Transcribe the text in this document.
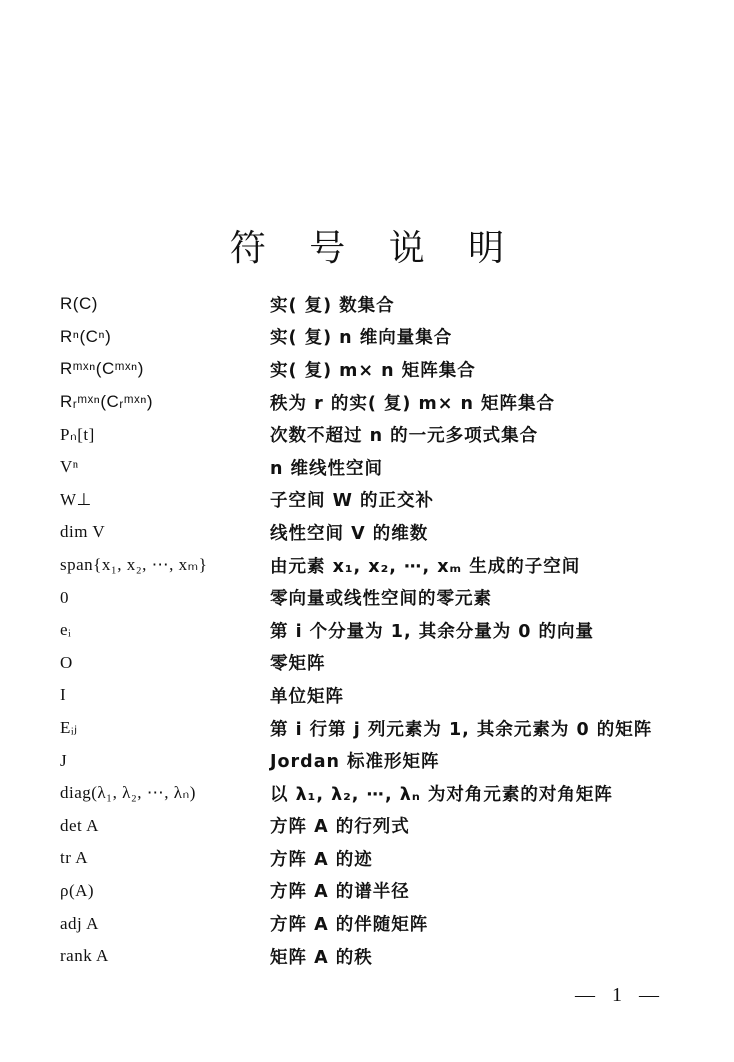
符 号 说 明
R(C)	实( 复) 数集合
Rⁿ(Cⁿ)	实( 复) n 维向量集合
Rᵐˣⁿ(Cᵐˣⁿ)	实( 复) m× n 矩阵集合
Rᵣᵐˣⁿ(Cᵣᵐˣⁿ)	秩为 r 的实( 复) m× n 矩阵集合
Pₙ[t]	次数不超过 n 的一元多项式集合
Vⁿ	n 维线性空间
W⊥	子空间 W 的正交补
dim V	线性空间 V 的维数
span{x₁, x₂, ⋯, xₘ}	由元素 x₁, x₂, ⋯, xₘ 生成的子空间
0	零向量或线性空间的零元素
eᵢ	第 i 个分量为 1, 其余分量为 0 的向量
O	零矩阵
I	单位矩阵
Eᵢⱼ	第 i 行第 j 列元素为 1, 其余元素为 0 的矩阵
J	Jordan 标准形矩阵
diag(λ₁, λ₂, ⋯, λₙ)	以 λ₁, λ₂, ⋯, λₙ 为对角元素的对角矩阵
det A	方阵 A 的行列式
tr A	方阵 A 的迹
ρ(A)	方阵 A 的谱半径
adj A	方阵 A 的伴随矩阵
rank A	矩阵 A 的秩
— 1 —
